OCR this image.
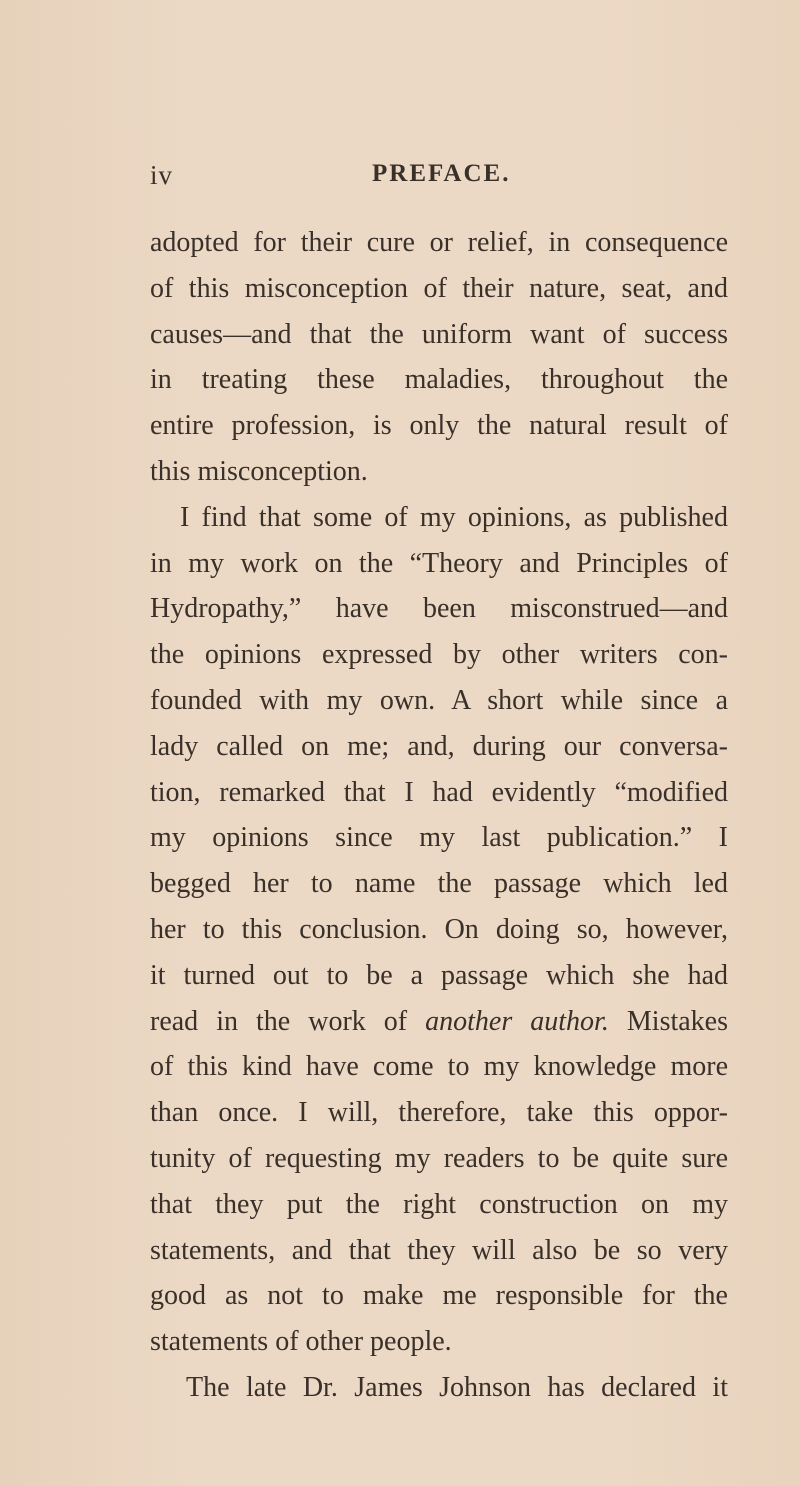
iv	PREFACE.
adopted for their cure or relief, in consequence
of this misconception of their nature, seat, and
causes—and that the uniform want of success
in treating these maladies, throughout the
entire profession, is only the natural result of
this misconception.
I find that some of my opinions, as published
in my work on the “Theory and Principles of
Hydropathy,” have been misconstrued—and
the opinions expressed by other writers con-
founded with my own. A short while since a
lady called on me; and, during our conversa-
tion, remarked that I had evidently “modified
my opinions since my last publication.” I
begged her to name the passage which led
her to this conclusion. On doing so, however,
it turned out to be a passage which she had
read in the work of another author. Mistakes
of this kind have come to my knowledge more
than once. I will, therefore, take this oppor-
tunity of requesting my readers to be quite sure
that they put the right construction on my
statements, and that they will also be so very
good as not to make me responsible for the
statements of other people.
The late Dr. James Johnson has declared it
